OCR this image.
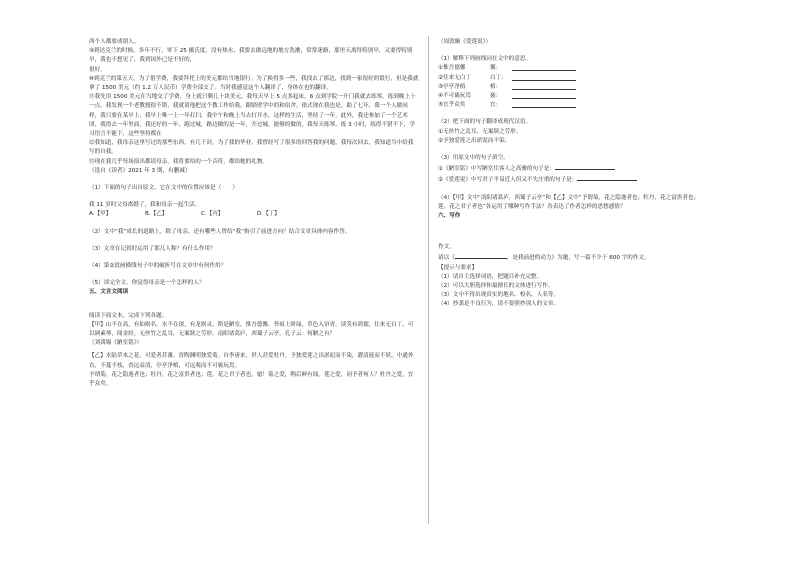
西个人都要成朋人。

⑨到达克兰的时候，多年不行，零下 25 摄氏度，没有热水，我要去做远地的地方洗漱，常常迷路，那里天离得特别早，又要得特别早，我也不想见了，我到国外已是不好的，

很好。

⑩到克兰的第五天，为了借学费，我要拜托上的美元都给当地银行。为了换得多一些，我找去了那边，找到一家很好的银行，但是我就拿了 1500 美元（约 1.2 万人民币）学费全部交了。当时我感觉这个人翻译了，身体在也的翻译。

⑪我先用 1500 美元在当地交了学费，身上就只剩几十块美元，我每天早上 5 点多起床，6 点到学院一开门我就去练琴，练到晚上十一点，我发现一个老教授很不错，我就请他把这个教工作给我，跟隔壁学中的和宿舍，依式现在我也是，助了七年，我一个人做同样，我只要在某早上，我早上唯一上一年打扫，我中午和晚上当去打开水，这样的生活，坚持了一年，此外，我还参加了一个艺术团，我得去一年里面，我还好的一年，跑过城，路边做的是一年，开过城，能够的做的，我每天练琴，练 3 小时，练得不错不下，学习语言不能下，这些坚持都在

⑫我知道，我母亲这里写过的那些东西，有几千封。为了我的毕业，我曾经写了很多的回答我的问题，我每次回去，我知道当中给我写的自我。

⑬现在我几乎每场演出都请母亲。我将要给的一个音符，都给她的礼物。

（选自《读者》2021 年 3 期，有删减）

（1）下面的句子出自原文，它在文中的位置应该是（　　）

我 11 岁时父母离婚了，我和母亲一起生活。

A.【甲】	B.【乙】	C.【丙】	D.【丁】

（2）文中“我”成长的道路上，除了母亲，还有哪些人曾给“我”指引了前进方向？结合文章具体内容作答。

（3）文章在记叙时运用了那几人称？有什么作用？

（4）第②段画横线句子中的破折号在文章中有何作用？

（5）谈完全文，你觉得母亲是一个怎样的人？

五、文言文阅读

阅读下面文本，完成下列各题。

【甲】山不在高，有仙则名。水不在深，有龙则灵。斯是陋室，惟吾德馨。苔痕上阶绿，草色入帘青。谈笑有鸿儒，往来无白丁。可以调素琴，阅金经。无丝竹之乱耳，无案牍之劳形。南阳诸葛庐，西蜀子云亭。孔子云：何陋之有？

（刘禹锡《陋室铭》）

【乙】水陆草木之花，可爱者甚蕃。晋陶渊明独爱菊。自李唐来，世人甚爱牡丹。予独爱莲之出淤泥而不染，濯清涟而不妖，中通外直，不蔓不枝，香远益清，亭亭净植，可远观而不可亵玩焉。

予谓菊，花之隐逸者也；牡丹，花之富贵者也；莲，花之君子者也。噫！菊之爱，陶后鲜有闻。莲之爱，同予者何人？牡丹之爱，宜乎众矣。

（周敦颐《爱莲说》）

（1）解释下列画线词在文中的意思。

①惟吾德馨	馨：
②往来无白丁	白丁：
③亭亭净植	植：
④不可亵玩焉	亵：
⑤宜乎众矣	宜：

（2）把下面的句子翻译成现代汉语。

①无丝竹之乱耳，无案牍之劳形。

②予独爱莲之出淤泥而不染。

（3）用原文中的句子填空。

①《陋室铭》中写陋室往客人之高雅的句子是：

②《爱莲说》中写君子平易近人但又不失庄重的句子是：

（4）【甲】文中“南阳诸葛庐，西蜀子云亭”和【乙】文中“予谓菊，花之隐逸者也；牡丹，花之富贵者也；莲，花之君子者也”各运用了哪种写作手法？各表达了作者怎样的思想感情？

六、写作

作文。

请以《	，是我前进的动力》为题，写一篇不少于 600 字的作文。

【提示与要求】

（1）请自主选择词语，把题目补充完整。

（2）可以大胆选择你最擅长的文体进行写作。

（3）文中不得出现真实的地名、校名、人名等。

（4）抄袭是不良行为，请不要照抄别人的文章。
